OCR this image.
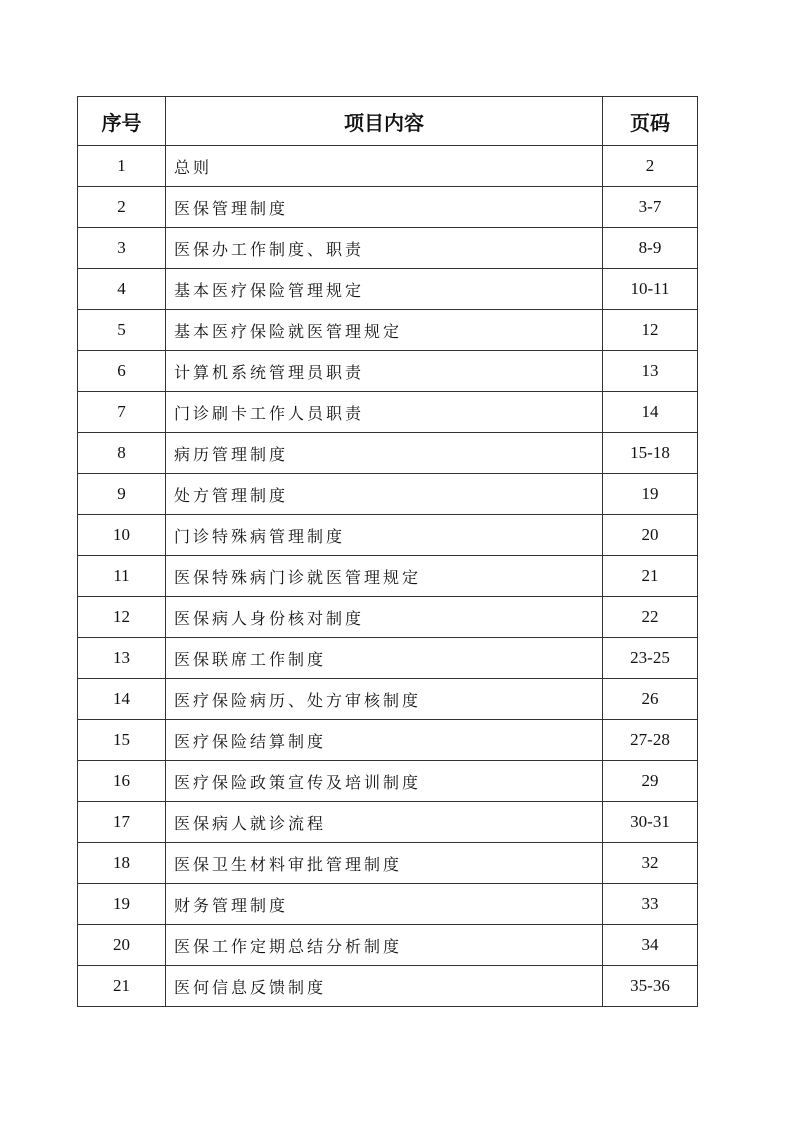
序号	项目内容	页码
1	总则	2
2	医保管理制度	3-7
3	医保办工作制度、职责	8-9
4	基本医疗保险管理规定	10-11
5	基本医疗保险就医管理规定	12
6	计算机系统管理员职责	13
7	门诊刷卡工作人员职责	14
8	病历管理制度	15-18
9	处方管理制度	19
10	门诊特殊病管理制度	20
11	医保特殊病门诊就医管理规定	21
12	医保病人身份核对制度	22
13	医保联席工作制度	23-25
14	医疗保险病历、处方审核制度	26
15	医疗保险结算制度	27-28
16	医疗保险政策宣传及培训制度	29
17	医保病人就诊流程	30-31
18	医保卫生材料审批管理制度	32
19	财务管理制度	33
20	医保工作定期总结分析制度	34
21	医何信息反馈制度	35-36
